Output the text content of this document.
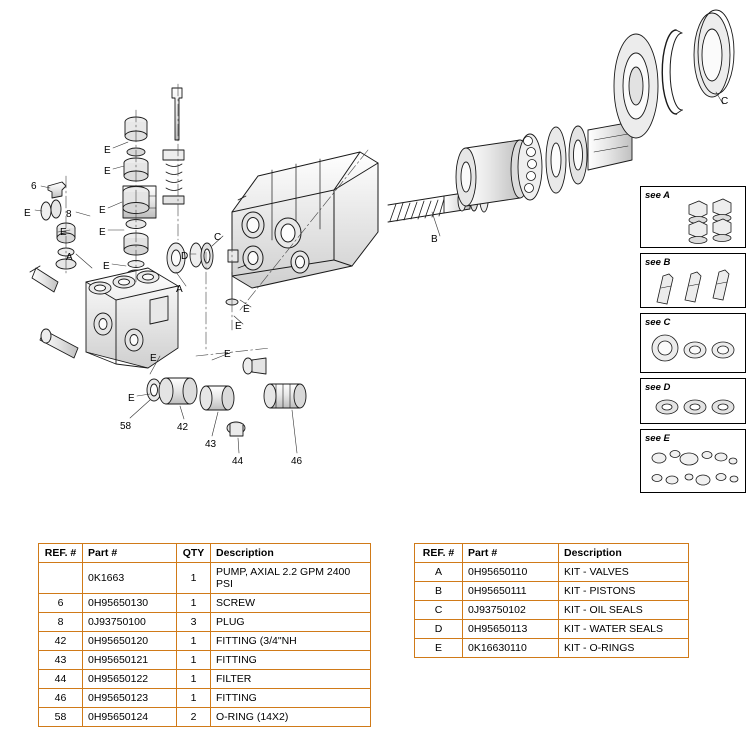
E
E
6
E	8	E
E	E
A
E
D
C
A
E
E
E	E
B
C
E
58	42
43
44	46
see A
see B
see C
see D
see E
REF. #	Part #	QTY	Description
	0K1663	1	PUMP, AXIAL 2.2 GPM 2400 PSI
6	0H95650130	1	SCREW
8	0J93750100	3	PLUG
42	0H95650120	1	FITTING (3/4"NH
43	0H95650121	1	FITTING
44	0H95650122	1	FILTER
46	0H95650123	1	FITTING
58	0H95650124	2	O-RING (14X2)
REF. #	Part #	Description
A	0H95650110	KIT - VALVES
B	0H95650111	KIT - PISTONS
C	0J93750102	KIT - OIL SEALS
D	0H95650113	KIT - WATER SEALS
E	0K16630110	KIT - O-RINGS
